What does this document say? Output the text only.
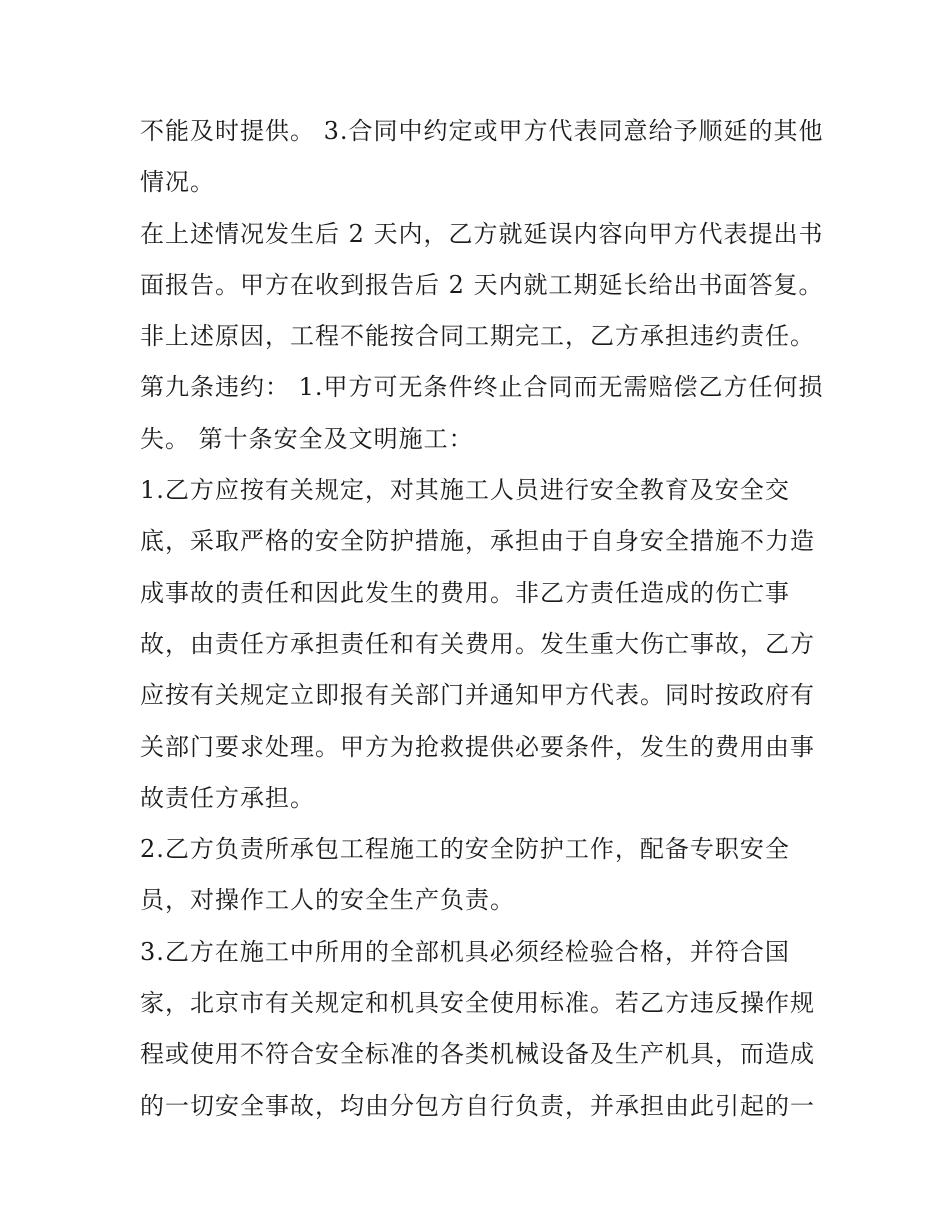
不能及时提供。 3.合同中约定或甲方代表同意给予顺延的其他
情况。
在上述情况发生后 2 天内，乙方就延误内容向甲方代表提出书
面报告。甲方在收到报告后 2 天内就工期延长给出书面答复。
非上述原因，工程不能按合同工期完工，乙方承担违约责任。
第九条违约： 1.甲方可无条件终止合同而无需赔偿乙方任何损
失。 第十条安全及文明施工：
1.乙方应按有关规定，对其施工人员进行安全教育及安全交
底，采取严格的安全防护措施，承担由于自身安全措施不力造
成事故的责任和因此发生的费用。非乙方责任造成的伤亡事
故，由责任方承担责任和有关费用。发生重大伤亡事故，乙方
应按有关规定立即报有关部门并通知甲方代表。同时按政府有
关部门要求处理。甲方为抢救提供必要条件，发生的费用由事
故责任方承担。
2.乙方负责所承包工程施工的安全防护工作，配备专职安全
员，对操作工人的安全生产负责。
3.乙方在施工中所用的全部机具必须经检验合格，并符合国
家，北京市有关规定和机具安全使用标准。若乙方违反操作规
程或使用不符合安全标准的各类机械设备及生产机具，而造成
的一切安全事故，均由分包方自行负责，并承担由此引起的一
